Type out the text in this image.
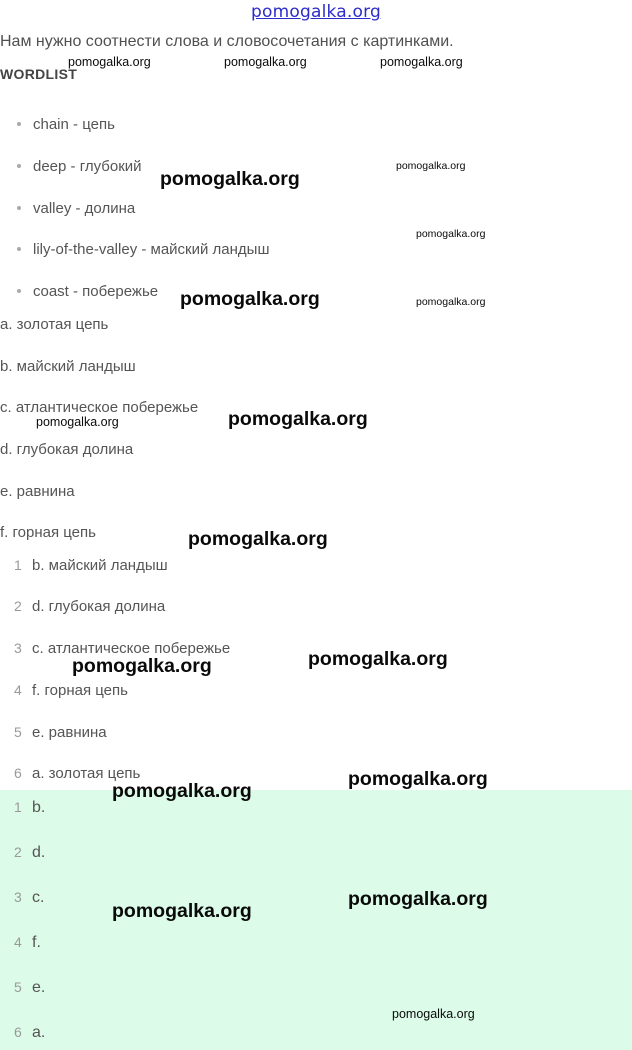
pomogalka.org
Нам нужно соотнести слова и словосочетания с картинками.
WORDLIST
chain - цепь
deep - глубокий
valley - долина
lily-of-the-valley - майский ландыш
coast - побережье
a. золотая цепь
b. майский ландыш
c. атлантическое побережье
d. глубокая долина
e. равнина
f. горная цепь
1 b. майский ландыш
2 d. глубокая долина
3 c. атлантическое побережье
4 f. горная цепь
5 e. равнина
6 a. золотая цепь
1 b.
2 d.
3 c.
4 f.
5 e.
6 a.
pomogalka.org	pomogalka.org	pomogalka.org
pomogalka.org
pomogalka.org
pomogalka.org
pomogalka.org	pomogalka.org
pomogalka.org
pomogalka.org
pomogalka.org
pomogalka.org
pomogalka.org
pomogalka.org
pomogalka.org
pomogalka.org
pomogalka.org
pomogalka.org
